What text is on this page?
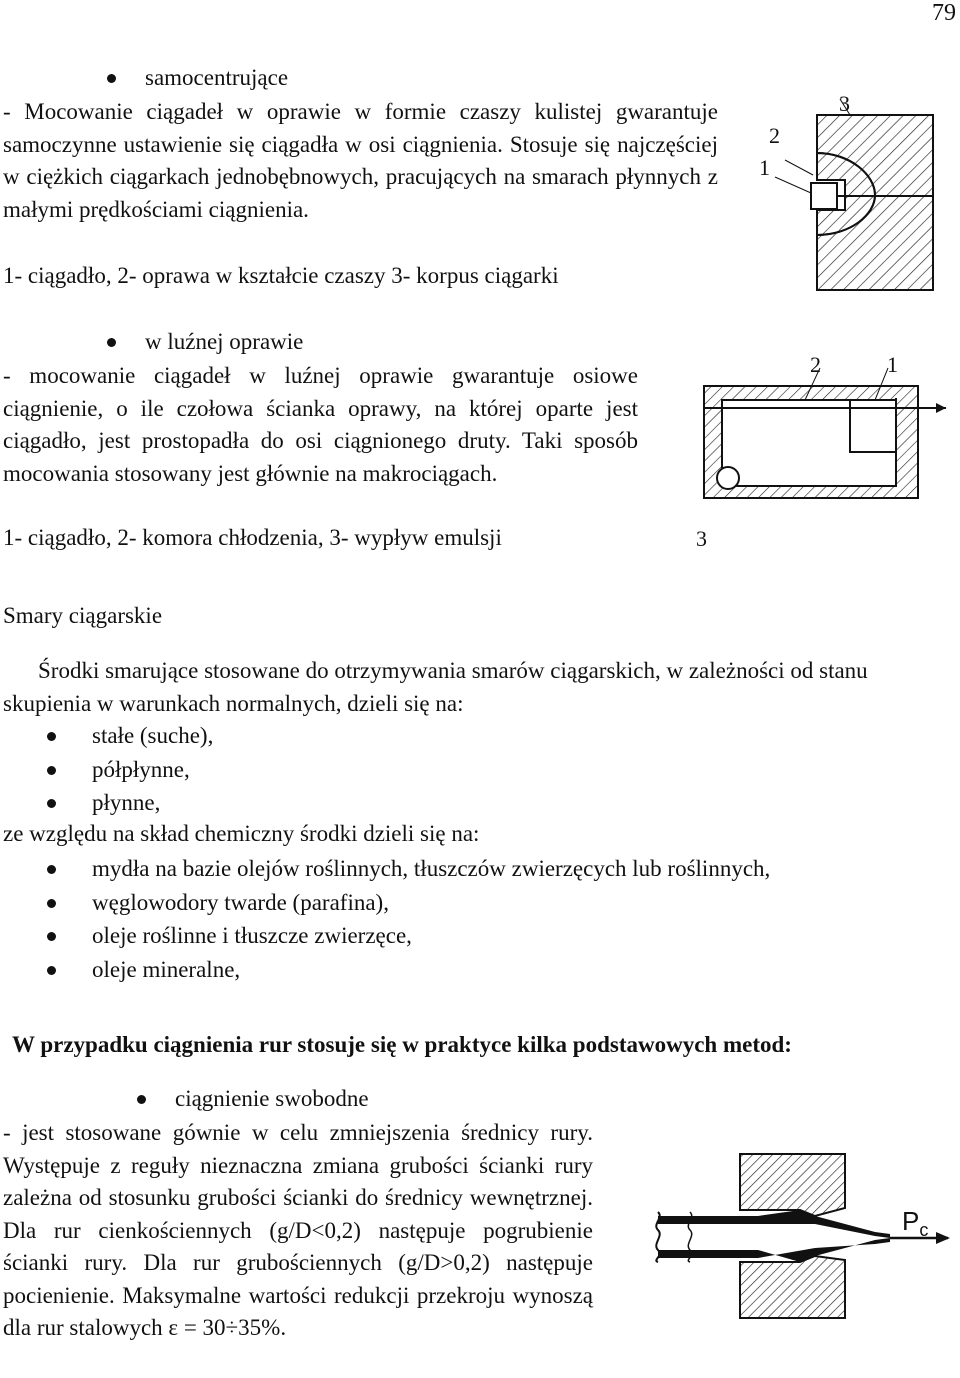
79
samocentrujące

- Mocowanie ciągadeł w oprawie w formie czaszy kulistej gwarantuje samoczynne ustawienie się ciągadła w osi ciągnienia. Stosuje się najczęściej w ciężkich ciągarkach jednobębnowych, pracujących na smarach płynnych z małymi prędkościami ciągnienia.

1- ciągadło, 2- oprawa w kształcie czaszy 3- korpus ciągarki

2
1
3
w luźnej oprawie

- mocowanie ciągadeł w luźnej oprawie gwarantuje osiowe ciągnienie, o ile czołowa ścianka oprawy, na której oparte jest ciągadło, jest prostopadła do osi ciągnionego druty. Taki sposób mocowania stosowany jest głównie na makrociągach.

1- ciągadło, 2- komora chłodzenia, 3- wypływ emulsji

2	1
3
Smary ciągarskie

Środki smarujące stosowane do otrzymywania smarów ciągarskich, w zależności od stanu skupienia w warunkach normalnych, dzieli się na:

stałe (suche),
półpłynne,
płynne,

ze względu na skład chemiczny środki dzieli się na:

mydła na bazie olejów roślinnych, tłuszczów zwierzęcych lub roślinnych,
węglowodory twarde (parafina),
oleje roślinne i tłuszcze zwierzęce,
oleje mineralne,
W przypadku ciągnienia rur stosuje się w praktyce kilka podstawowych metod:
ciągnienie swobodne

- jest stosowane gównie w celu zmniejszenia średnicy rury. Występuje z reguły nieznaczna zmiana grubości ścianki rury zależna od stosunku grubości ścianki do średnicy wewnętrznej. Dla rur cienkościennych (g/D<0,2) następuje pogrubienie ścianki rury. Dla rur grubościennych (g/D>0,2) następuje pocienienie. Maksymalne wartości redukcji przekroju wynoszą dla rur stalowych ε = 30÷35%.

$P_c$
